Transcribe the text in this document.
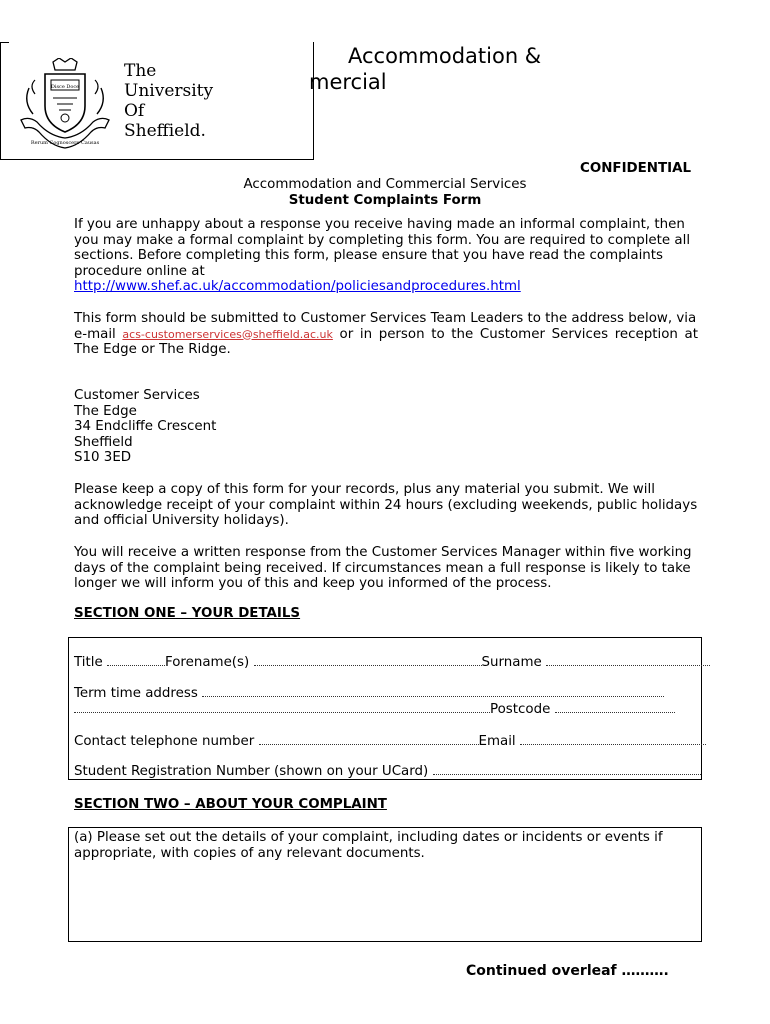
Disce Doce
Rerum Cognoscere Causas
The
University
Of
Sheffield.
Accommodation &
mercial
CONFIDENTIAL
Accommodation and Commercial Services
Student Complaints Form

If you are unhappy about a response you receive having made an informal complaint, then you may make a formal complaint by completing this form. You are required to complete all sections. Before completing this form, please ensure that you have read the complaints procedure online at

http://www.shef.ac.uk/accommodation/policiesandprocedures.html

This form should be submitted to Customer Services Team Leaders to the address below, via

e-mail acs-customerservices@sheffield.ac.uk or in person to the Customer Services reception at The Edge or The Ridge.

Customer Services
The Edge
34 Endcliffe Crescent
Sheffield
S10 3ED
Please keep a copy of this form for your records, plus any material you submit. We will acknowledge receipt of your complaint within 24 hours (excluding weekends, public holidays and official University holidays).
You will receive a written response from the Customer Services Manager within five working days of the complaint being received. If circumstances mean a full response is likely to take longer we will inform you of this and keep you informed of the process.
SECTION ONE – YOUR DETAILS
Title	Forename(s)	Surname
Term time address
Postcode
Contact telephone number	Email
Student Registration Number (shown on your UCard)
SECTION TWO – ABOUT YOUR COMPLAINT
(a) Please set out the details of your complaint, including dates or incidents or events if appropriate, with copies of any relevant documents.
Continued overleaf ……….
